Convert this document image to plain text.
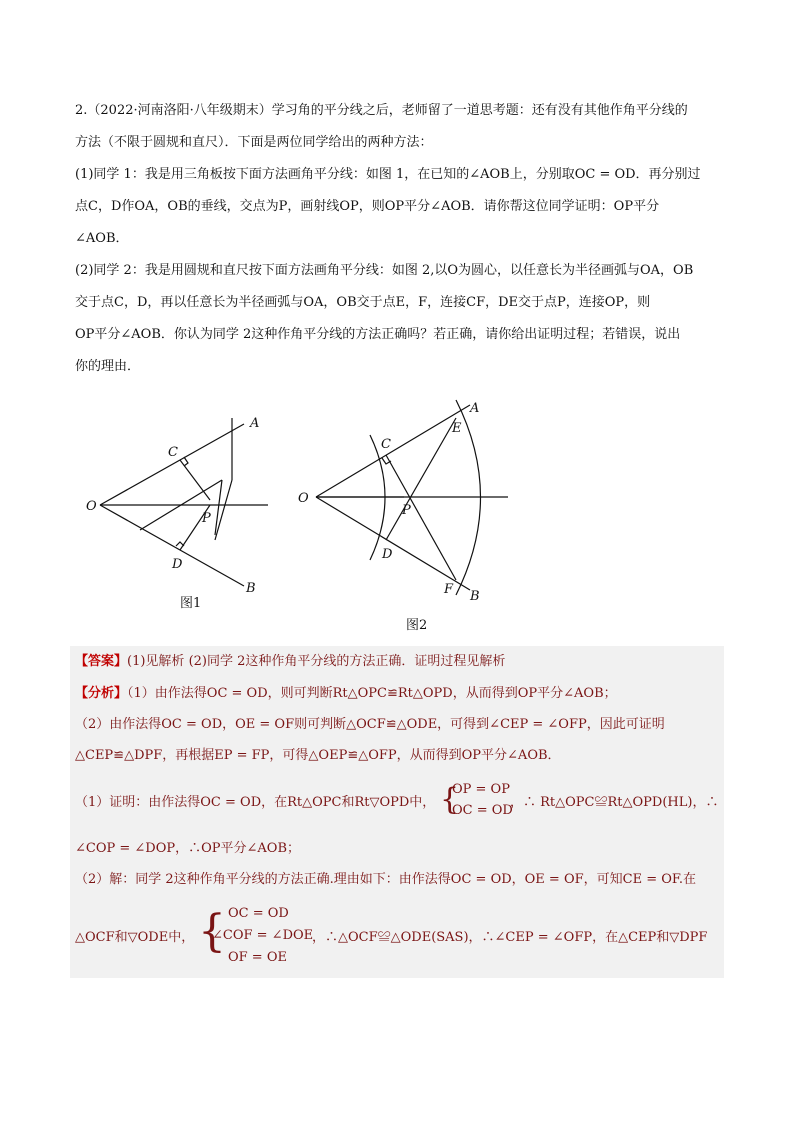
2.（2022·河南洛阳·八年级期末）学习角的平分线之后，老师留了一道思考题：还有没有其他作角平分线的
方法（不限于圆规和直尺）．下面是两位同学给出的两种方法：
(1)同学 1：我是用三角板按下面方法画角平分线：如图 1，在已知的∠AOB上，分别取OC = OD．再分别过
点C，D作OA，OB的垂线，交点为P，画射线OP，则OP平分∠AOB．请你帮这位同学证明：OP平分
∠AOB．
(2)同学 2：我是用圆规和直尺按下面方法画角平分线：如图 2,以O为圆心，以任意长为半径画弧与OA，OB
交于点C，D，再以任意长为半径画弧与OA，OB交于点E，F，连接CF，DE交于点P，连接OP，则
OP平分∠AOB．你认为同学 2这种作角平分线的方法正确吗？若正确，请你给出证明过程；若错误，说出
你的理由．
O
A
B
C
D
P
图1
O
A
B
C
D
E
F
P
图2
【答案】(1)见解析 (2)同学 2这种作角平分线的方法正确．证明过程见解析
【分析】（1）由作法得OC = OD，则可判断Rt△OPC≌Rt△OPD，从而得到OP平分∠AOB；
（2）由作法得OC = OD，OE = OF则可判断△OCF≌△ODE，可得到∠CEP = ∠OFP，因此可证明
△CEP≌△DPF，再根据EP = FP，可得△OEP≌△OFP，从而得到OP平分∠AOB．
（1）证明：由作法得OC = OD，在Rt△OPC和Rt▽OPD中， {
OP = OP
OC = OD
，∴ Rt△OPC≌Rt△OPD(HL)，∴
∠COP = ∠DOP，∴OP平分∠AOB；
（2）解：同学 2这种作角平分线的方法正确.理由如下：由作法得OC = OD，OE = OF，可知CE = OF.在
△OCF和▽ODE中， { OC = OD
∠COF = ∠DOE
OF = OE
，∴△OCF≌△ODE(SAS)，∴∠CEP = ∠OFP，在△CEP和▽DPF
